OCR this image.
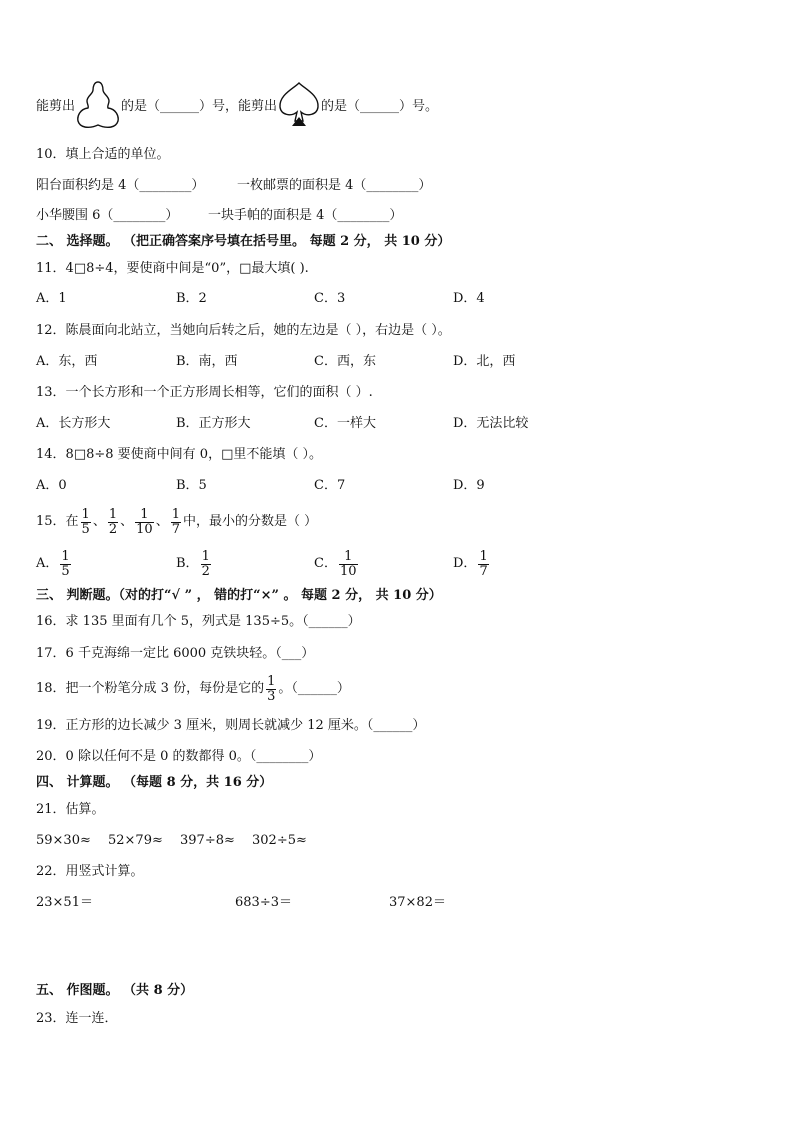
能剪出	的是（______）号，能剪出	的是（______）号。
10．填上合适的单位。
阳台面积约是 4（________）	一枚邮票的面积是 4（________）
小华腰围 6（________） 一块手帕的面积是 4（________）
二、 选择题。 （把正确答案序号填在括号里。 每题 2 分， 共 10 分）
11．4□8÷4，要使商中间是“0”，□最大填( ).
A．1	B．2	C．3	D．4
12．陈晨面向北站立，当她向后转之后，她的左边是（ ），右边是（ ）。
A．东，西	B．南，西	C．西，东	D．北，西
13．一个长方形和一个正方形周长相等，它们的面积（ ）.
A．长方形大	B．正方形大	C．一样大	D．无法比较
14．8□8÷8 要使商中间有 0，□里不能填（ ）。
A．0	B．5	C．7	D．9
15．在 $\frac{1}{5}$ 、 $\frac{1}{2}$ 、 $\frac{1}{10}$ 、 $\frac{1}{7}$ 中，最小的分数是（ ）
A． $\frac{1}{5}$	B． $\frac{1}{2}$	C． $\frac{1}{10}$	D． $\frac{1}{7}$
三、 判断题。（对的打“√ ” ， 错的打“×” 。 每题 2 分， 共 10 分）
16．求 135 里面有几个 5，列式是 135÷5。（______）
17．6 千克海绵一定比 6000 克铁块轻。（___）
18．把一个粉笔分成 3 份，每份是它的 $\frac{1}{3}$ 。（______）
19．正方形的边长减少 3 厘米，则周长就减少 12 厘米。（______）
20．0 除以任何不是 0 的数都得 0。（________）
四、 计算题。 （每题 8 分，共 16 分）
21．估算。
59×30≈ 52×79≈ 397÷8≈ 302÷5≈
22．用竖式计算。
23×51＝	683÷3＝	37×82＝
五、 作图题。 （共 8 分）
23．连一连．
